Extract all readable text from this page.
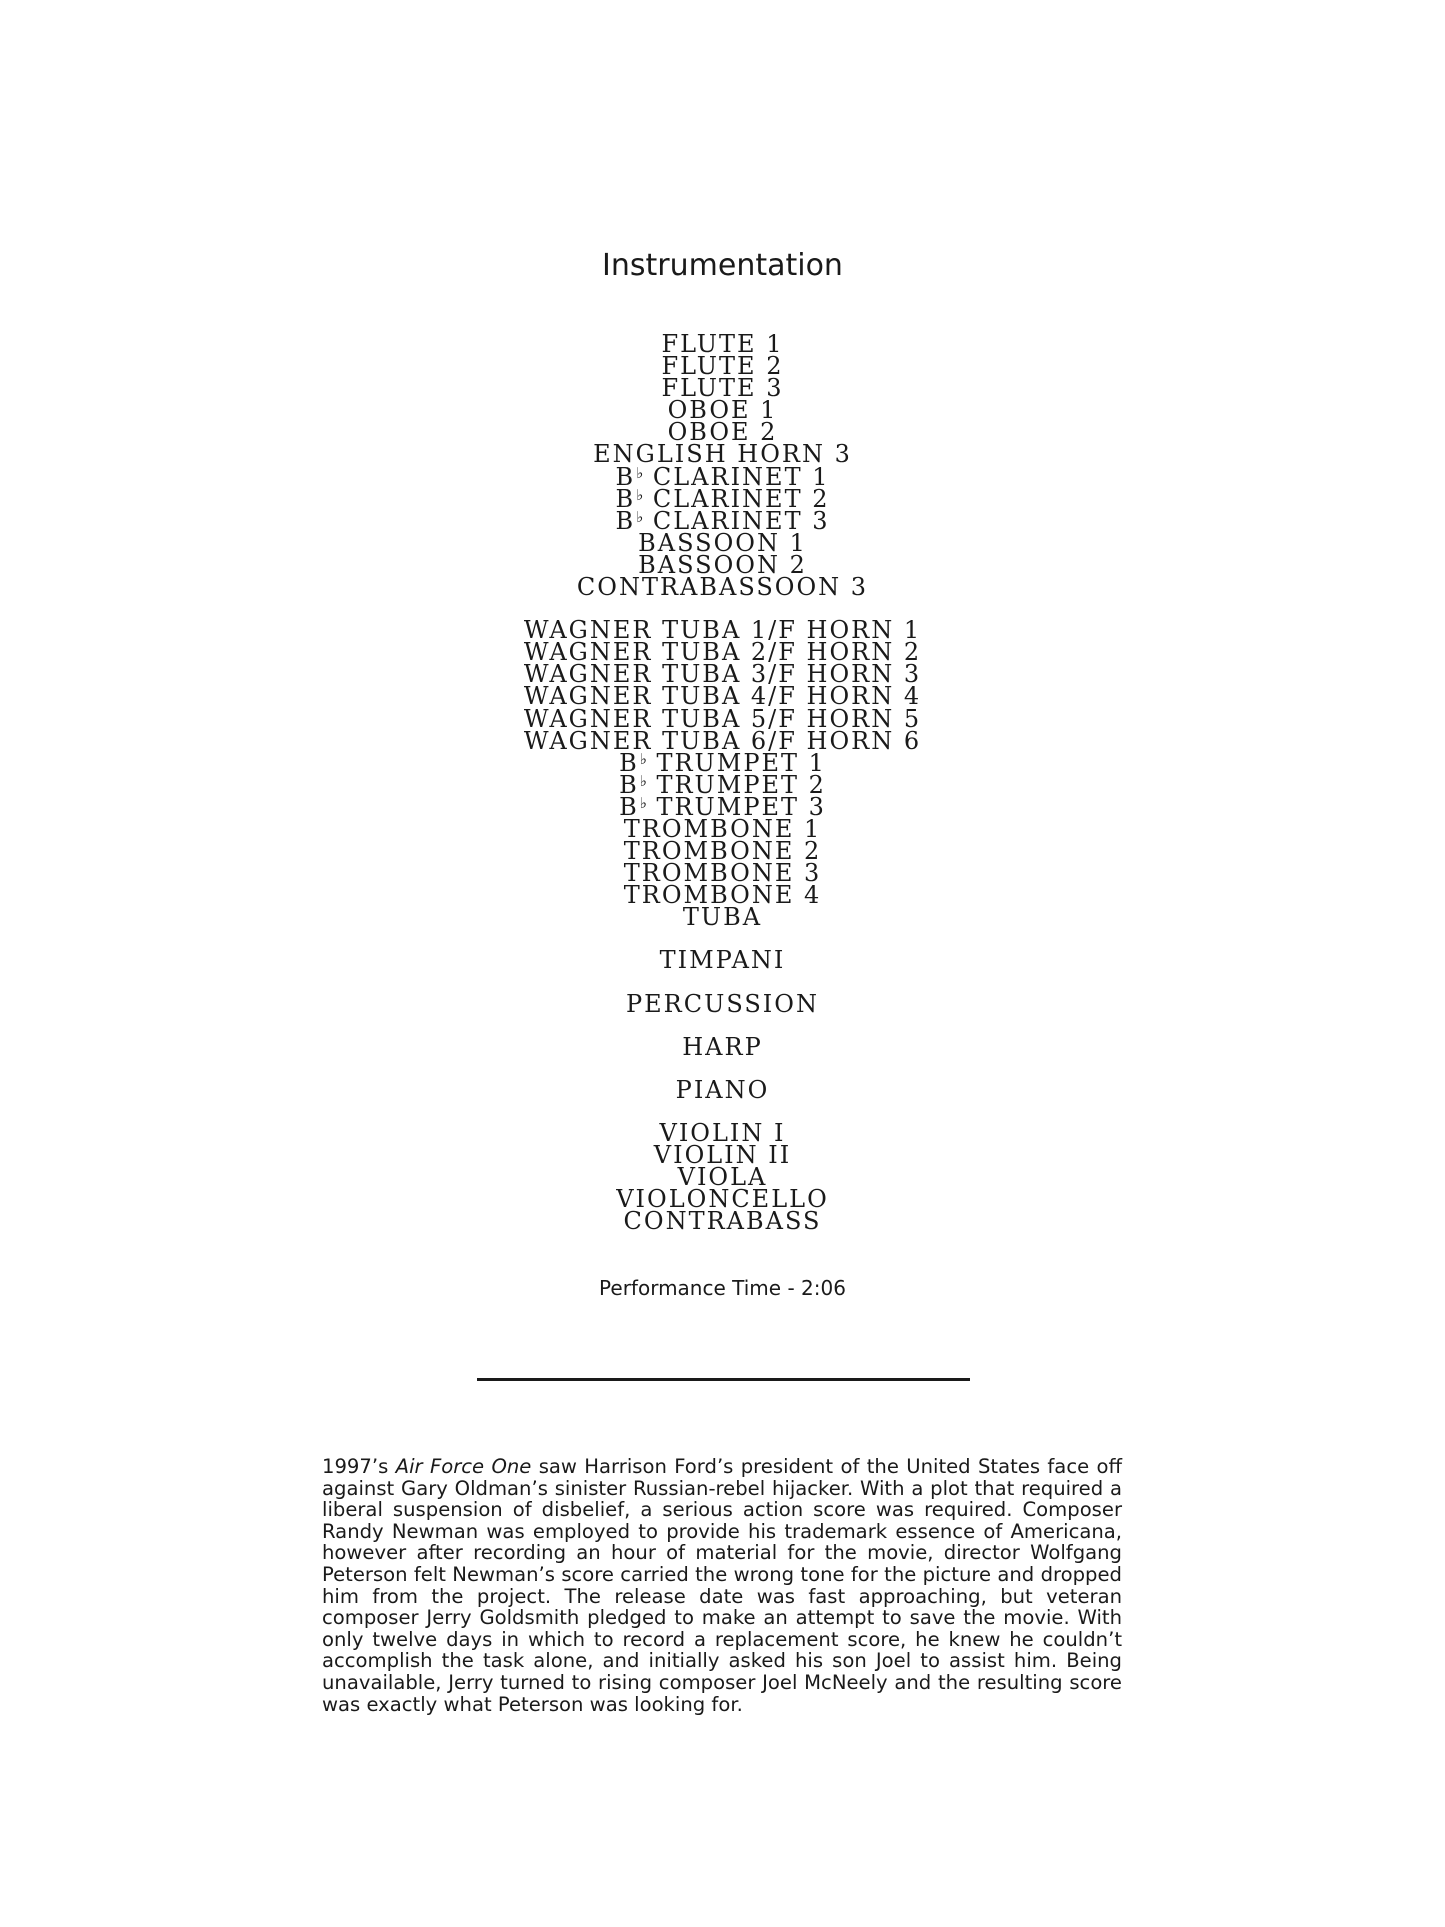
Instrumentation
FLUTE 1
FLUTE 2
FLUTE 3
OBOE 1
OBOE 2
ENGLISH HORN 3
B♭ CLARINET 1
B♭ CLARINET 2
B♭ CLARINET 3
BASSOON 1
BASSOON 2
CONTRABASSOON 3
WAGNER TUBA 1/F HORN 1
WAGNER TUBA 2/F HORN 2
WAGNER TUBA 3/F HORN 3
WAGNER TUBA 4/F HORN 4
WAGNER TUBA 5/F HORN 5
WAGNER TUBA 6/F HORN 6
B♭ TRUMPET 1
B♭ TRUMPET 2
B♭ TRUMPET 3
TROMBONE 1
TROMBONE 2
TROMBONE 3
TROMBONE 4
TUBA
TIMPANI
PERCUSSION
HARP
PIANO
VIOLIN I
VIOLIN II
VIOLA
VIOLONCELLO
CONTRABASS
Performance Time - 2:06

1997’s Air Force One saw Harrison Ford’s president of the United States face off against Gary Oldman’s sinister Russian-rebel hijacker. With a plot that required a liberal suspension of disbelief, a serious action score was required. Composer Randy Newman was employed to provide his trademark essence of Americana, however after recording an hour of material for the movie, director Wolfgang Peterson felt Newman’s score carried the wrong tone for the picture and dropped him from the project. The release date was fast approaching, but veteran composer Jerry Goldsmith pledged to make an attempt to save the movie. With only twelve days in which to record a replacement score, he knew he couldn’t accomplish the task alone, and initially asked his son Joel to assist him. Being unavailable, Jerry turned to rising composer Joel McNeely and the resulting score was exactly what Peterson was looking for.
